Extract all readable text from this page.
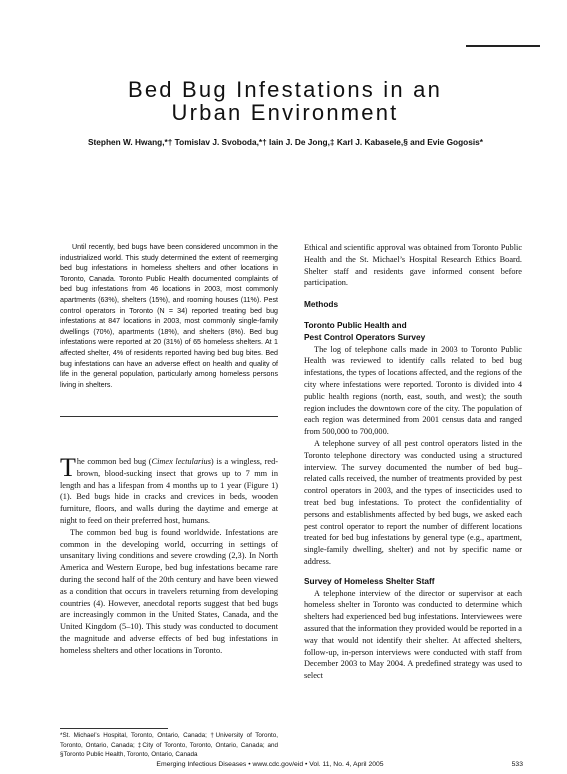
Bed Bug Infestations in an
Urban Environment
Stephen W. Hwang,*† Tomislav J. Svoboda,*† Iain J. De Jong,‡ Karl J. Kabasele,§ and Evie Gogosis*

Until recently, bed bugs have been considered uncommon in the industrialized world. This study determined the extent of reemerging bed bug infestations in homeless shelters and other locations in Toronto, Canada. Toronto Public Health documented complaints of bed bug infestations from 46 locations in 2003, most commonly apartments (63%), shelters (15%), and rooming houses (11%). Pest control operators in Toronto (N = 34) reported treating bed bug infestations at 847 locations in 2003, most commonly single-family dwellings (70%), apartments (18%), and shelters (8%). Bed bug infestations were reported at 20 (31%) of 65 homeless shelters. At 1 affected shelter, 4% of residents reported having bed bug bites. Bed bug infestations can have an adverse effect on health and quality of life in the general population, particularly among homeless persons living in shelters.

The common bed bug (Cimex lectularius) is a wingless, red-brown, blood-sucking insect that grows up to 7 mm in length and has a lifespan from 4 months up to 1 year (Figure 1) (1). Bed bugs hide in cracks and crevices in beds, wooden furniture, floors, and walls during the daytime and emerge at night to feed on their preferred host, humans.

The common bed bug is found worldwide. Infestations are common in the developing world, occurring in settings of unsanitary living conditions and severe crowding (2,3). In North America and Western Europe, bed bug infestations became rare during the second half of the 20th century and have been viewed as a condition that occurs in travelers returning from developing countries (4). However, anecdotal reports suggest that bed bugs are increasingly common in the United States, Canada, and the United Kingdom (5–10). This study was conducted to document the magnitude and adverse effects of bed bug infestations in homeless shelters and other locations in Toronto.

*St. Michael’s Hospital, Toronto, Ontario, Canada; †University of Toronto, Toronto, Ontario, Canada; ‡City of Toronto, Toronto, Ontario, Canada; and §Toronto Public Health, Toronto, Ontario, Canada

Ethical and scientific approval was obtained from Toronto Public Health and the St. Michael’s Hospital Research Ethics Board. Shelter staff and residents gave informed consent before participation.

Methods
Toronto Public Health and
Pest Control Operators Survey

The log of telephone calls made in 2003 to Toronto Public Health was reviewed to identify calls related to bed bug infestations, the types of locations affected, and the regions of the city where infestations were reported. Toronto is divided into 4 public health regions (north, east, south, and west); the south region includes the downtown core of the city. The population of each region was determined from 2001 census data and ranged from 500,000 to 700,000.

A telephone survey of all pest control operators listed in the Toronto telephone directory was conducted using a structured interview. The survey documented the number of bed bug–related calls received, the number of treatments provided by pest control operators in 2003, and the types of insecticides used to treat bed bug infestations. To protect the confidentiality of persons and establishments affected by bed bugs, we asked each pest control operator to report the number of different locations treated for bed bug infestations by general type (e.g., apartment, single-family dwelling, shelter) and not by specific name or address.

Survey of Homeless Shelter Staff

A telephone interview of the director or supervisor at each homeless shelter in Toronto was conducted to determine which shelters had experienced bed bug infestations. Interviewees were assured that the information they provided would be reported in a way that would not identify their shelter. At affected shelters, follow-up, in-person interviews were conducted with staff from December 2003 to May 2004. A predefined strategy was used to select

Emerging Infectious Diseases • www.cdc.gov/eid • Vol. 11, No. 4, April 2005	533
